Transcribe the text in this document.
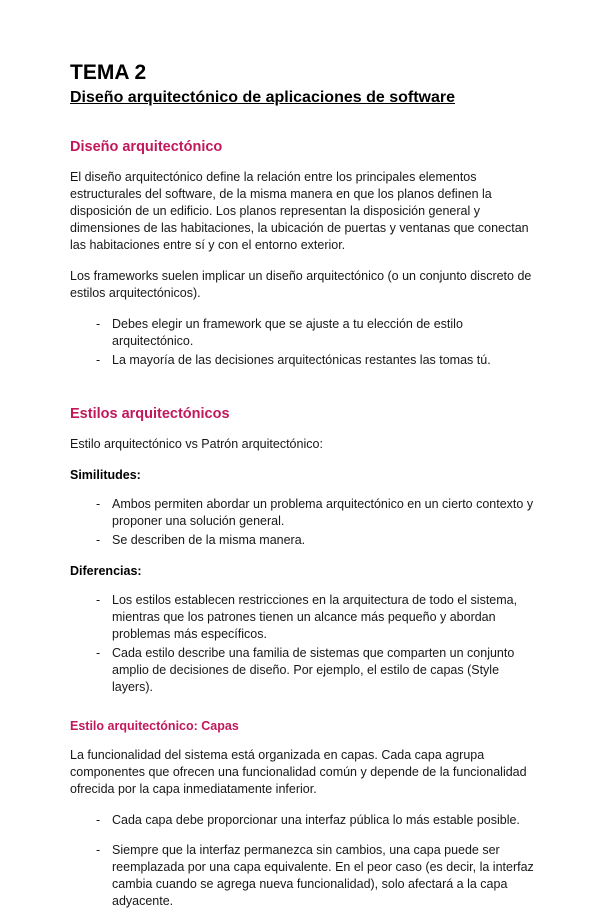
TEMA 2
Diseño arquitectónico de aplicaciones de software
Diseño arquitectónico

El diseño arquitectónico define la relación entre los principales elementos estructurales del software, de la misma manera en que los planos definen la disposición de un edificio. Los planos representan la disposición general y dimensiones de las habitaciones, la ubicación de puertas y ventanas que conectan las habitaciones entre sí y con el entorno exterior.

Los frameworks suelen implicar un diseño arquitectónico (o un conjunto discreto de estilos arquitectónicos).

- Debes elegir un framework que se ajuste a tu elección de estilo arquitectónico.
- La mayoría de las decisiones arquitectónicas restantes las tomas tú.
Estilos arquitectónicos

Estilo arquitectónico vs Patrón arquitectónico:

Similitudes:

- Ambos permiten abordar un problema arquitectónico en un cierto contexto y proponer una solución general.
- Se describen de la misma manera.

Diferencias:

- Los estilos establecen restricciones en la arquitectura de todo el sistema, mientras que los patrones tienen un alcance más pequeño y abordan problemas más específicos.
- Cada estilo describe una familia de sistemas que comparten un conjunto amplio de decisiones de diseño. Por ejemplo, el estilo de capas (Style layers).
Estilo arquitectónico: Capas

La funcionalidad del sistema está organizada en capas. Cada capa agrupa componentes que ofrecen una funcionalidad común y depende de la funcionalidad ofrecida por la capa inmediatamente inferior.

- Cada capa debe proporcionar una interfaz pública lo más estable posible.
- Siempre que la interfaz permanezca sin cambios, una capa puede ser reemplazada por una capa equivalente. En el peor caso (es decir, la interfaz cambia cuando se agrega nueva funcionalidad), solo afectará a la capa adyacente.
